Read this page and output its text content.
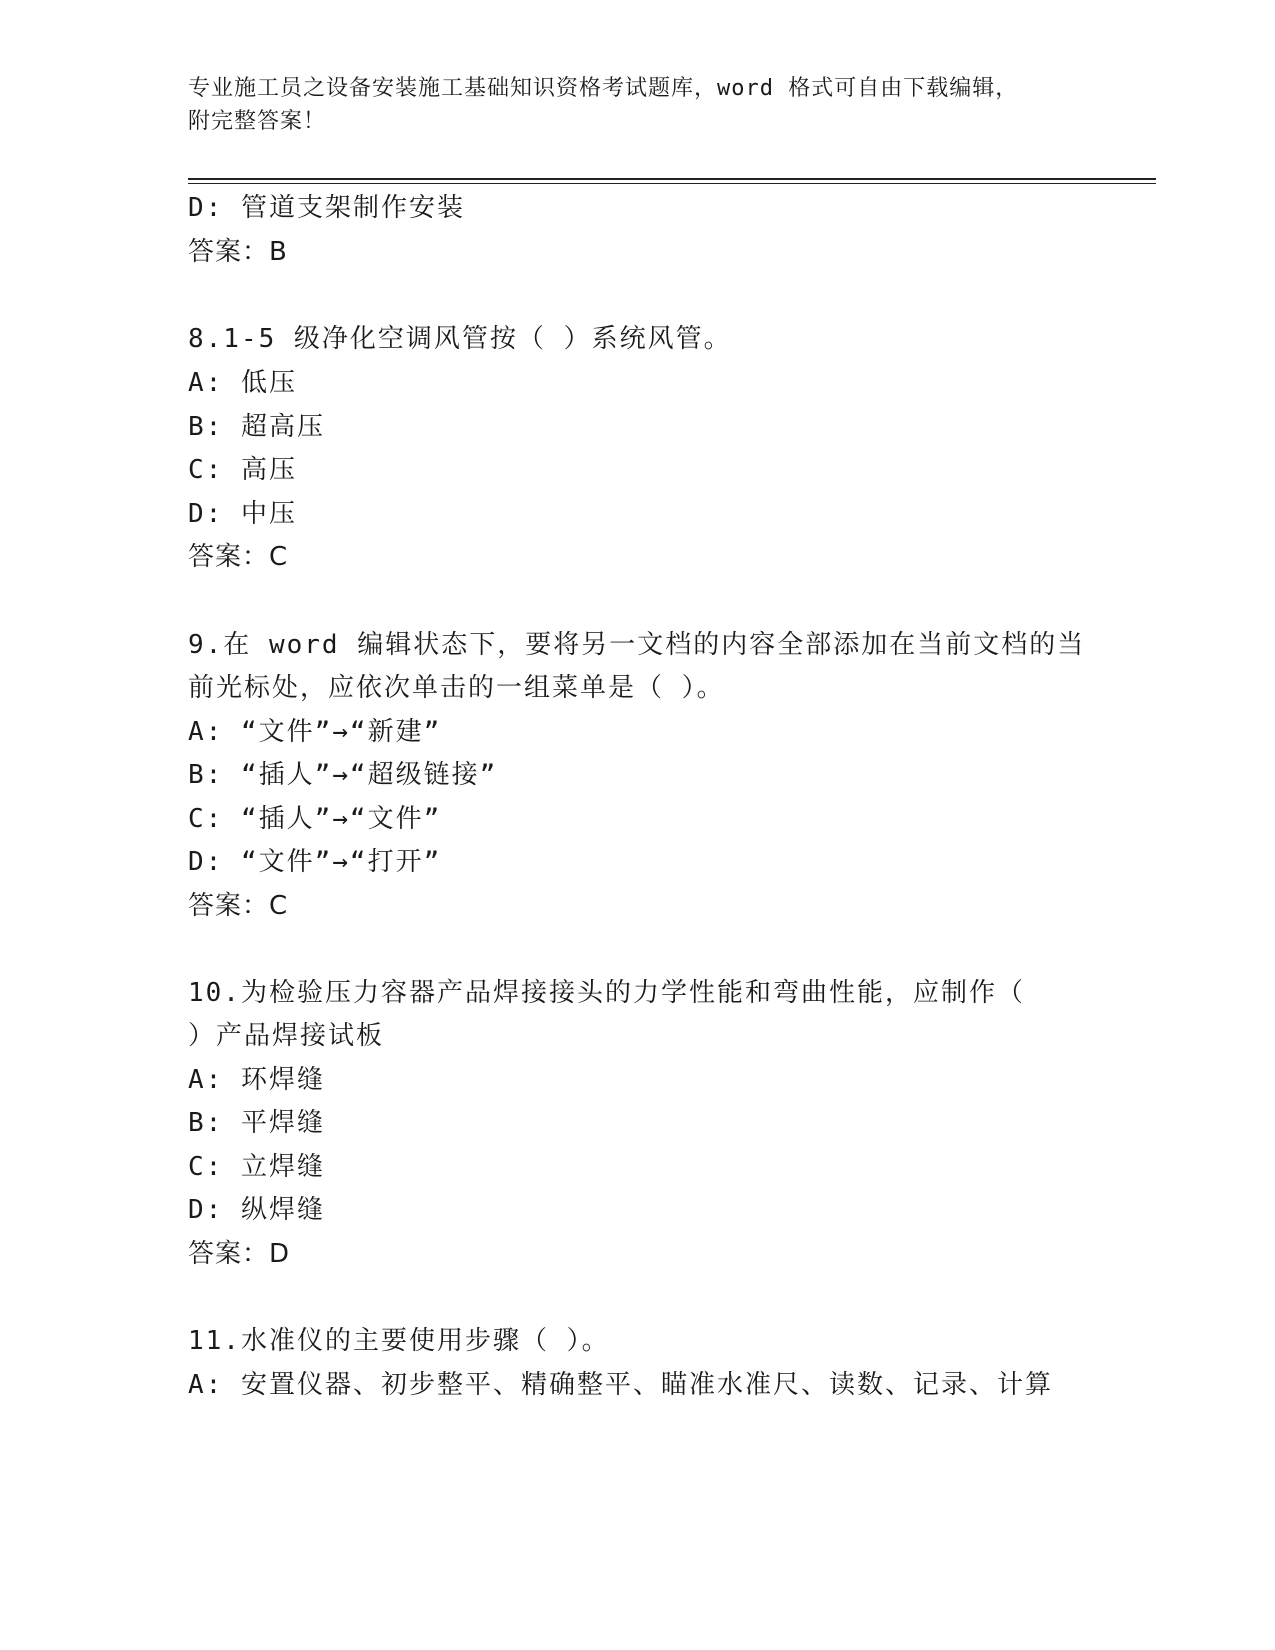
专业施工员之设备安装施工基础知识资格考试题库，word 格式可自由下载编辑，
附完整答案！
D: 管道支架制作安装
答案：B
8.1-5 级净化空调风管按（ ）系统风管。
A: 低压
B: 超高压
C: 高压
D: 中压
答案：C
9.在 word 编辑状态下，要将另一文档的内容全部添加在当前文档的当
前光标处，应依次单击的一组菜单是（ ）。
A: “文件”→“新建”
B: “插人”→“超级链接”
C: “插人”→“文件”
D: “文件”→“打开”
答案：C
10.为检验压力容器产品焊接接头的力学性能和弯曲性能，应制作（
）产品焊接试板
A: 环焊缝
B: 平焊缝
C: 立焊缝
D: 纵焊缝
答案：D
11.水准仪的主要使用步骤（ ）。
A: 安置仪器、初步整平、精确整平、瞄准水准尺、读数、记录、计算
